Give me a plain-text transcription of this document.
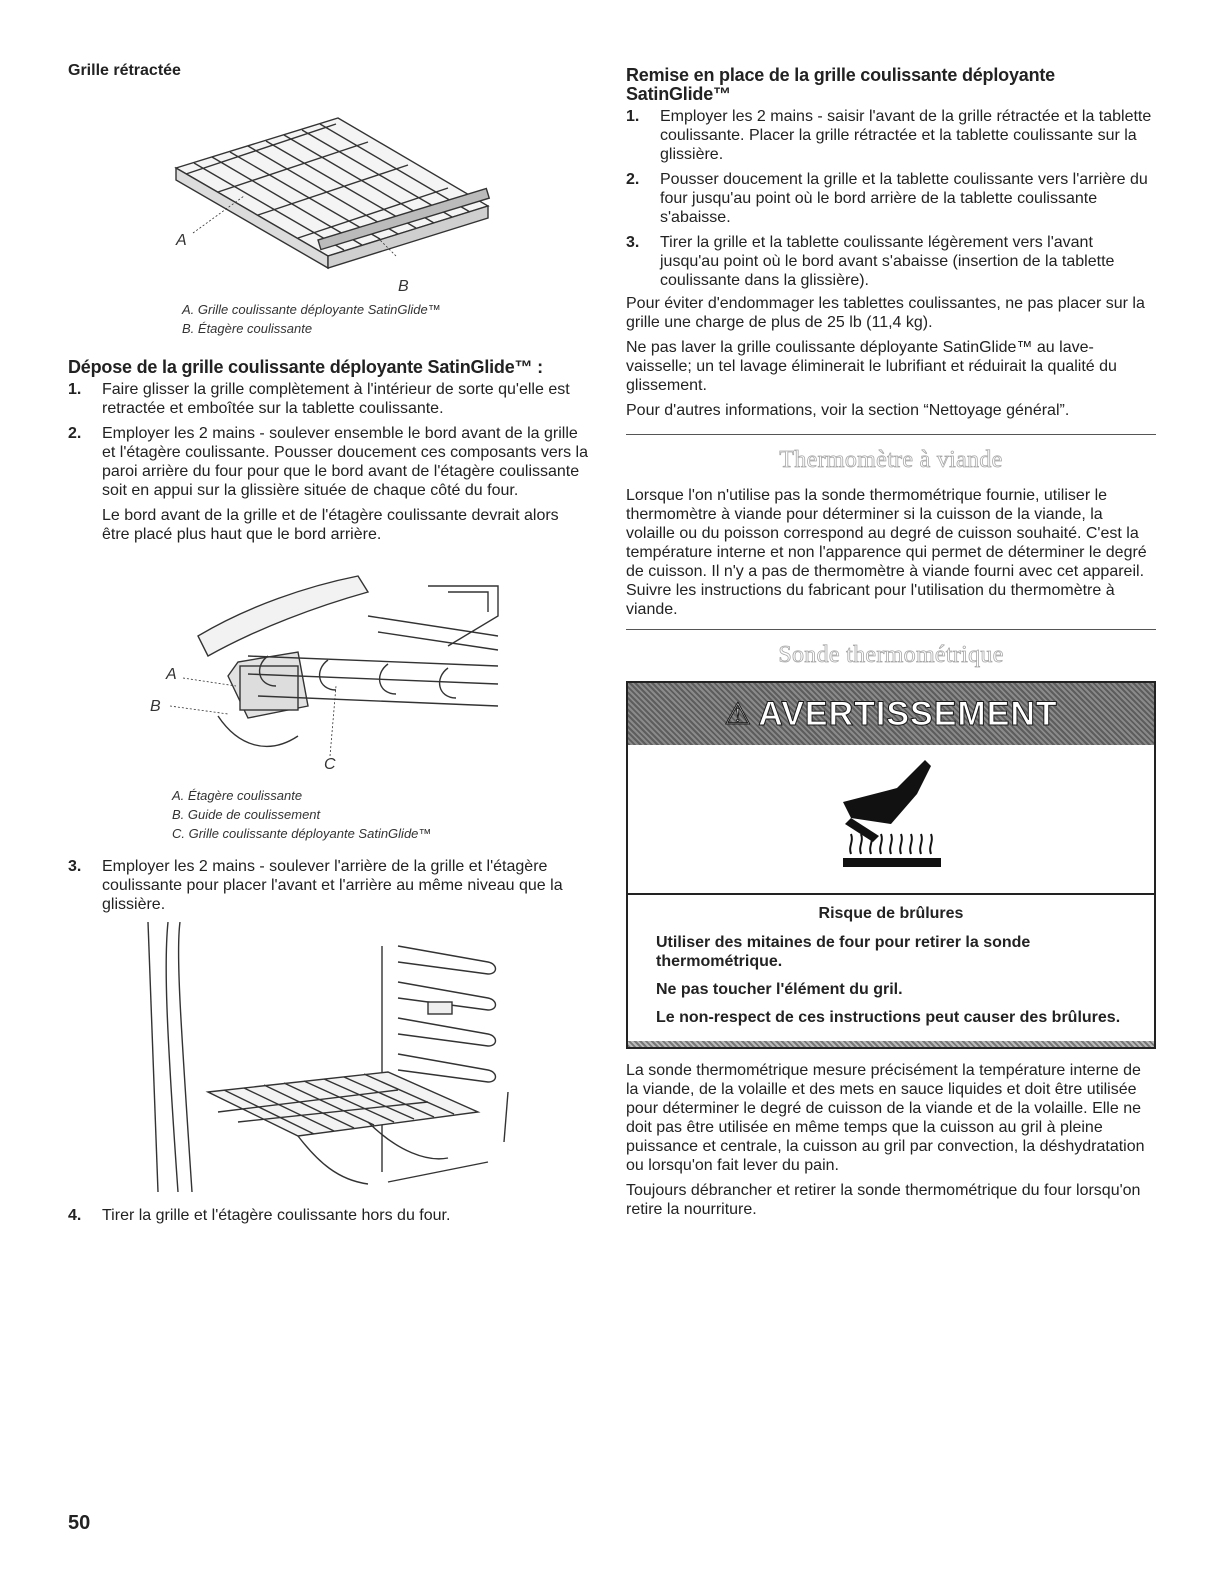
Grille rétractée
A
B
A. Grille coulissante déployante SatinGlide™
B. Étagère coulissante
Dépose de la grille coulissante déployante SatinGlide™ :
1. Faire glisser la grille complètement à l'intérieur de sorte qu'elle est retractée et emboîtée sur la tablette coulissante.
2. Employer les 2 mains - soulever ensemble le bord avant de la grille et l'étagère coulissante. Pousser doucement ces composants vers la paroi arrière du four pour que le bord avant de l'étagère coulissante soit en appui sur la glissière située de chaque côté du four.

Le bord avant de la grille et de l'étagère coulissante devrait alors être placé plus haut que le bord arrière.

A
B
C
A. Étagère coulissante
B. Guide de coulissement
C. Grille coulissante déployante SatinGlide™
3. Employer les 2 mains - soulever l'arrière de la grille et l'étagère coulissante pour placer l'avant et l'arrière au même niveau que la glissière.
4. Tirer la grille et l'étagère coulissante hors du four.
Remise en place de la grille coulissante déployante SatinGlide™
1. Employer les 2 mains - saisir l'avant de la grille rétractée et la tablette coulissante. Placer la grille rétractée et la tablette coulissante sur la glissière.
2. Pousser doucement la grille et la tablette coulissante vers l'arrière du four jusqu'au point où le bord arrière de la tablette coulissante s'abaisse.
3. Tirer la grille et la tablette coulissante légèrement vers l'avant jusqu'au point où le bord avant s'abaisse (insertion de la tablette coulissante dans la glissière).

Pour éviter d'endommager les tablettes coulissantes, ne pas placer sur la grille une charge de plus de 25 lb (11,4 kg).

Ne pas laver la grille coulissante déployante SatinGlide™ au lave-vaisselle; un tel lavage éliminerait le lubrifiant et réduirait la qualité du glissement.

Pour d'autres informations, voir la section “Nettoyage général”.

Thermomètre à viande

Lorsque l'on n'utilise pas la sonde thermométrique fournie, utiliser le thermomètre à viande pour déterminer si la cuisson de la viande, la volaille ou du poisson correspond au degré de cuisson souhaité. C'est la température interne et non l'apparence qui permet de déterminer le degré de cuisson. Il n'y a pas de thermomètre à viande fourni avec cet appareil. Suivre les instructions du fabricant pour l'utilisation du thermomètre à viande.

Sonde thermométrique
⚠ AVERTISSEMENT
Risque de brûlures

Utiliser des mitaines de four pour retirer la sonde thermométrique.

Ne pas toucher l'élément du gril.

Le non-respect de ces instructions peut causer des brûlures.

La sonde thermométrique mesure précisément la température interne de la viande, de la volaille et des mets en sauce liquides et doit être utilisée pour déterminer le degré de cuisson de la viande et de la volaille. Elle ne doit pas être utilisée en même temps que la cuisson au gril à pleine puissance et centrale, la cuisson au gril par convection, la déshydratation ou lorsqu'on fait lever du pain.

Toujours débrancher et retirer la sonde thermométrique du four lorsqu'on retire la nourriture.

50
